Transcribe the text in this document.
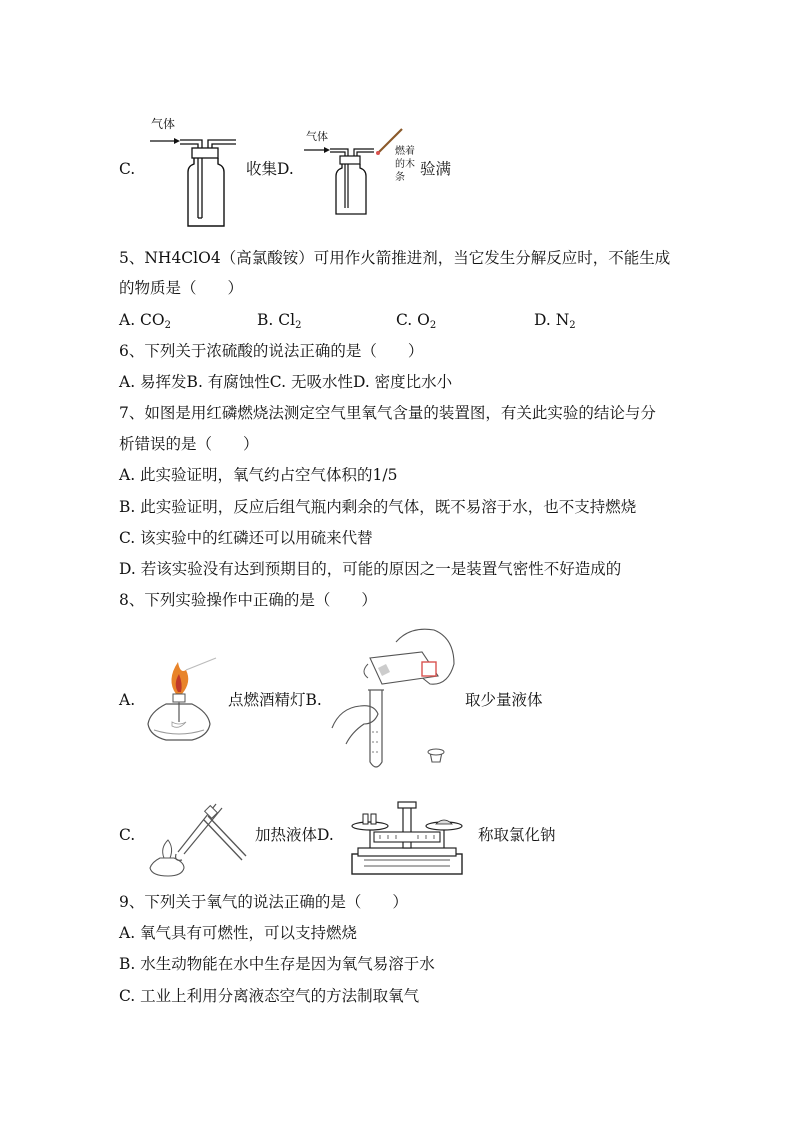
C.
气体
收集D.
气体
燃着
的木
条 验满
5、NH4ClO4（高氯酸铵）可用作火箭推进剂，当它发生分解反应时，不能生成
的物质是（　　）
A. $CO_2$	B. $Cl_2$	C. $O_2$	D. $N_2$
6、下列关于浓硫酸的说法正确的是（　　）
A. 易挥发B. 有腐蚀性C. 无吸水性D. 密度比水小
7、如图是用红磷燃烧法测定空气里氧气含量的装置图，有关此实验的结论与分
析错误的是（　　）
A. 此实验证明，氧气约占空气体积的1/5
B. 此实验证明，反应后组气瓶内剩余的气体，既不易溶于水，也不支持燃烧
C. 该实验中的红磷还可以用硫来代替
D. 若该实验没有达到预期目的，可能的原因之一是装置气密性不好造成的
8、下列实验操作中正确的是（　　）
A.	点燃酒精灯B.	取少量液体
C.	加热液体D.	称取氯化钠
9、下列关于氧气的说法正确的是（　　）
A. 氧气具有可燃性，可以支持燃烧
B. 水生动物能在水中生存是因为氧气易溶于水
C. 工业上利用分离液态空气的方法制取氧气
